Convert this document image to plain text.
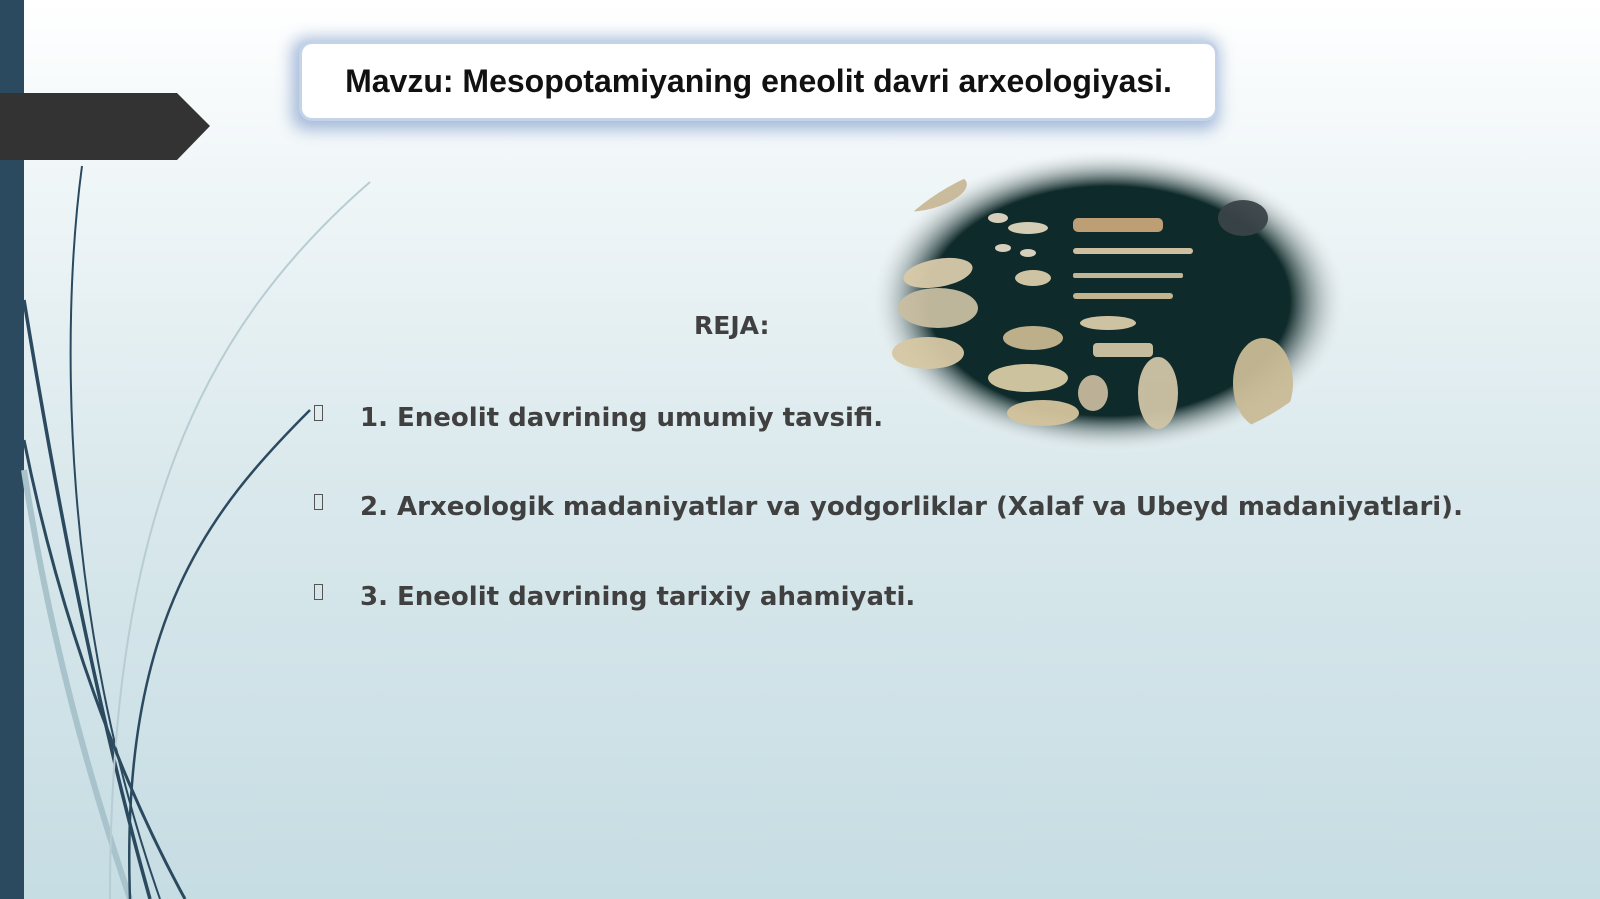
Mavzu: Mesopotamiyaning eneolit davri arxeologiyasi.
REJA:
1. Eneolit davrining umumiy tavsifi.
2. Arxeologik madaniyatlar va yodgorliklar (Xalaf va Ubeyd madaniyatlari).
3. Eneolit davrining tarixiy ahamiyati.
